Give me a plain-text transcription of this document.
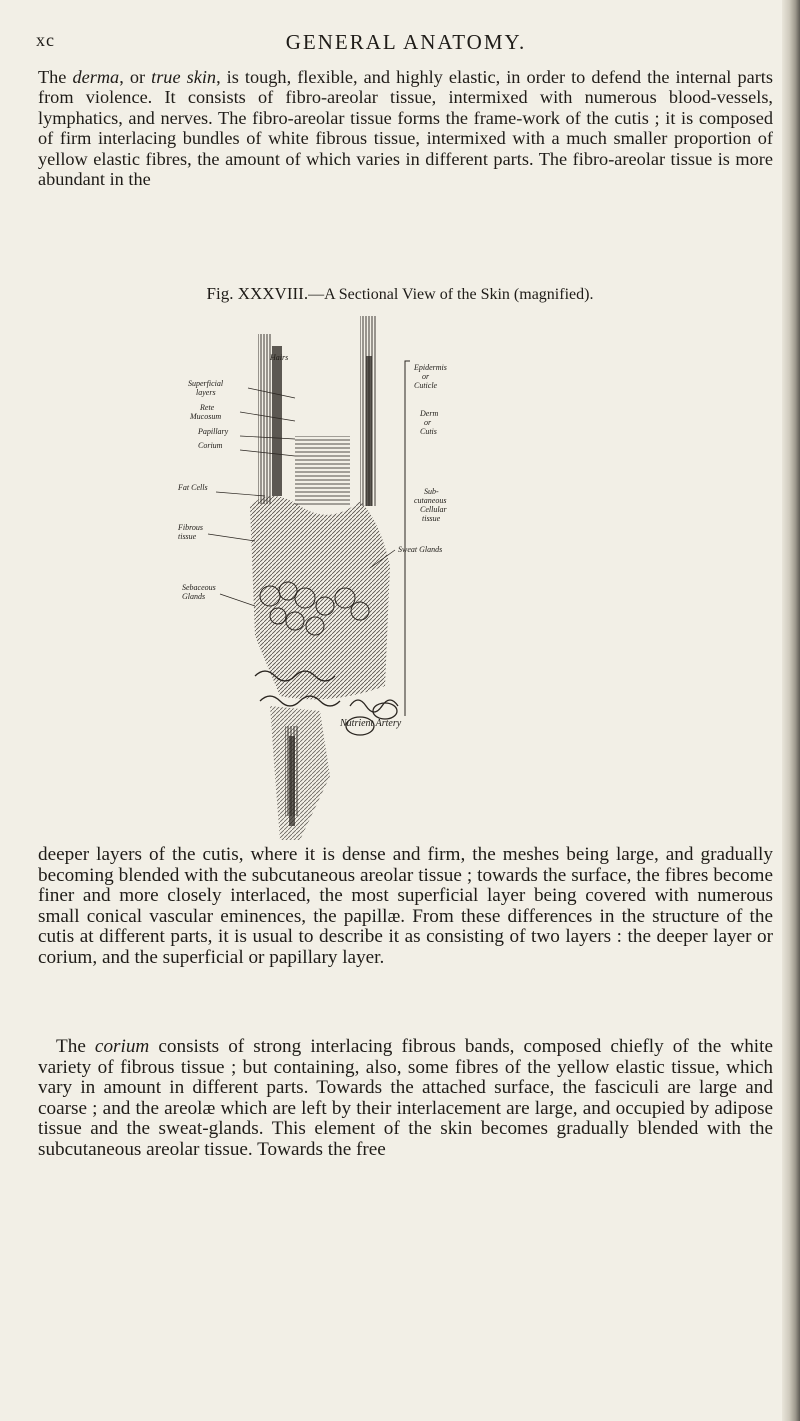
xc	GENERAL ANATOMY.

The derma, or true skin, is tough, flexible, and highly elastic, in order to defend the internal parts from violence. It consists of fibro-areolar tissue, intermixed with numerous blood-vessels, lymphatics, and nerves. The fibro-areolar tissue forms the frame-work of the cutis ; it is composed of firm interlacing bundles of white fibrous tissue, intermixed with a much smaller proportion of yellow elastic fibres, the amount of which varies in different parts. The fibro-areolar tissue is more abundant in the

Fig. XXXVIII.—A Sectional View of the Skin (magnified).

Hairs
Superficial
layers
Rete
Mucosum
Papillary
Corium
Fat Cells
Fibrous
tissue
Sebaceous
Glands
Epidermis
or
Cuticle
Derm
or
Cutis
Sub-
cutaneous
Cellular
tissue
Sweat Glands
Nutrient Artery

deeper layers of the cutis, where it is dense and firm, the meshes being large, and gradually becoming blended with the subcutaneous areolar tissue ; towards the surface, the fibres become finer and more closely interlaced, the most superficial layer being covered with numerous small conical vascular eminences, the papillæ. From these differences in the structure of the cutis at different parts, it is usual to describe it as consisting of two layers : the deeper layer or corium, and the superficial or papillary layer.

The corium consists of strong interlacing fibrous bands, composed chiefly of the white variety of fibrous tissue ; but containing, also, some fibres of the yellow elastic tissue, which vary in amount in different parts. Towards the attached surface, the fasciculi are large and coarse ; and the areolæ which are left by their interlacement are large, and occupied by adipose tissue and the sweat-glands. This element of the skin becomes gradually blended with the subcutaneous areolar tissue. Towards the free
